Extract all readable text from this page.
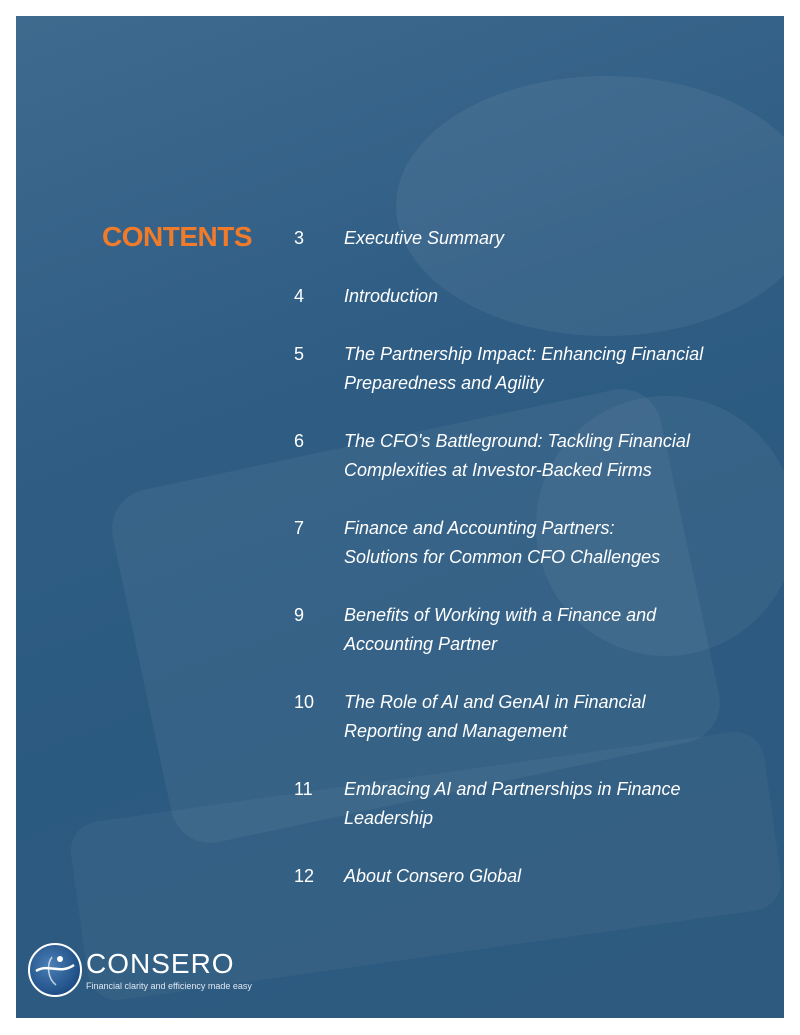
CONTENTS 3	Executive Summary
4	Introduction
5	The Partnership Impact: Enhancing Financial
Preparedness and Agility
6	The CFO's Battleground: Tackling Financial
Complexities at Investor-Backed Firms
7	Finance and Accounting Partners:
Solutions for Common CFO Challenges
9	Benefits of Working with a Finance and
Accounting Partner
10	The Role of AI and GenAI in Financial
Reporting and Management
11	Embracing AI and Partnerships in Finance
Leadership
12	About Consero Global
CONSERO
Financial clarity and efficiency made easy
